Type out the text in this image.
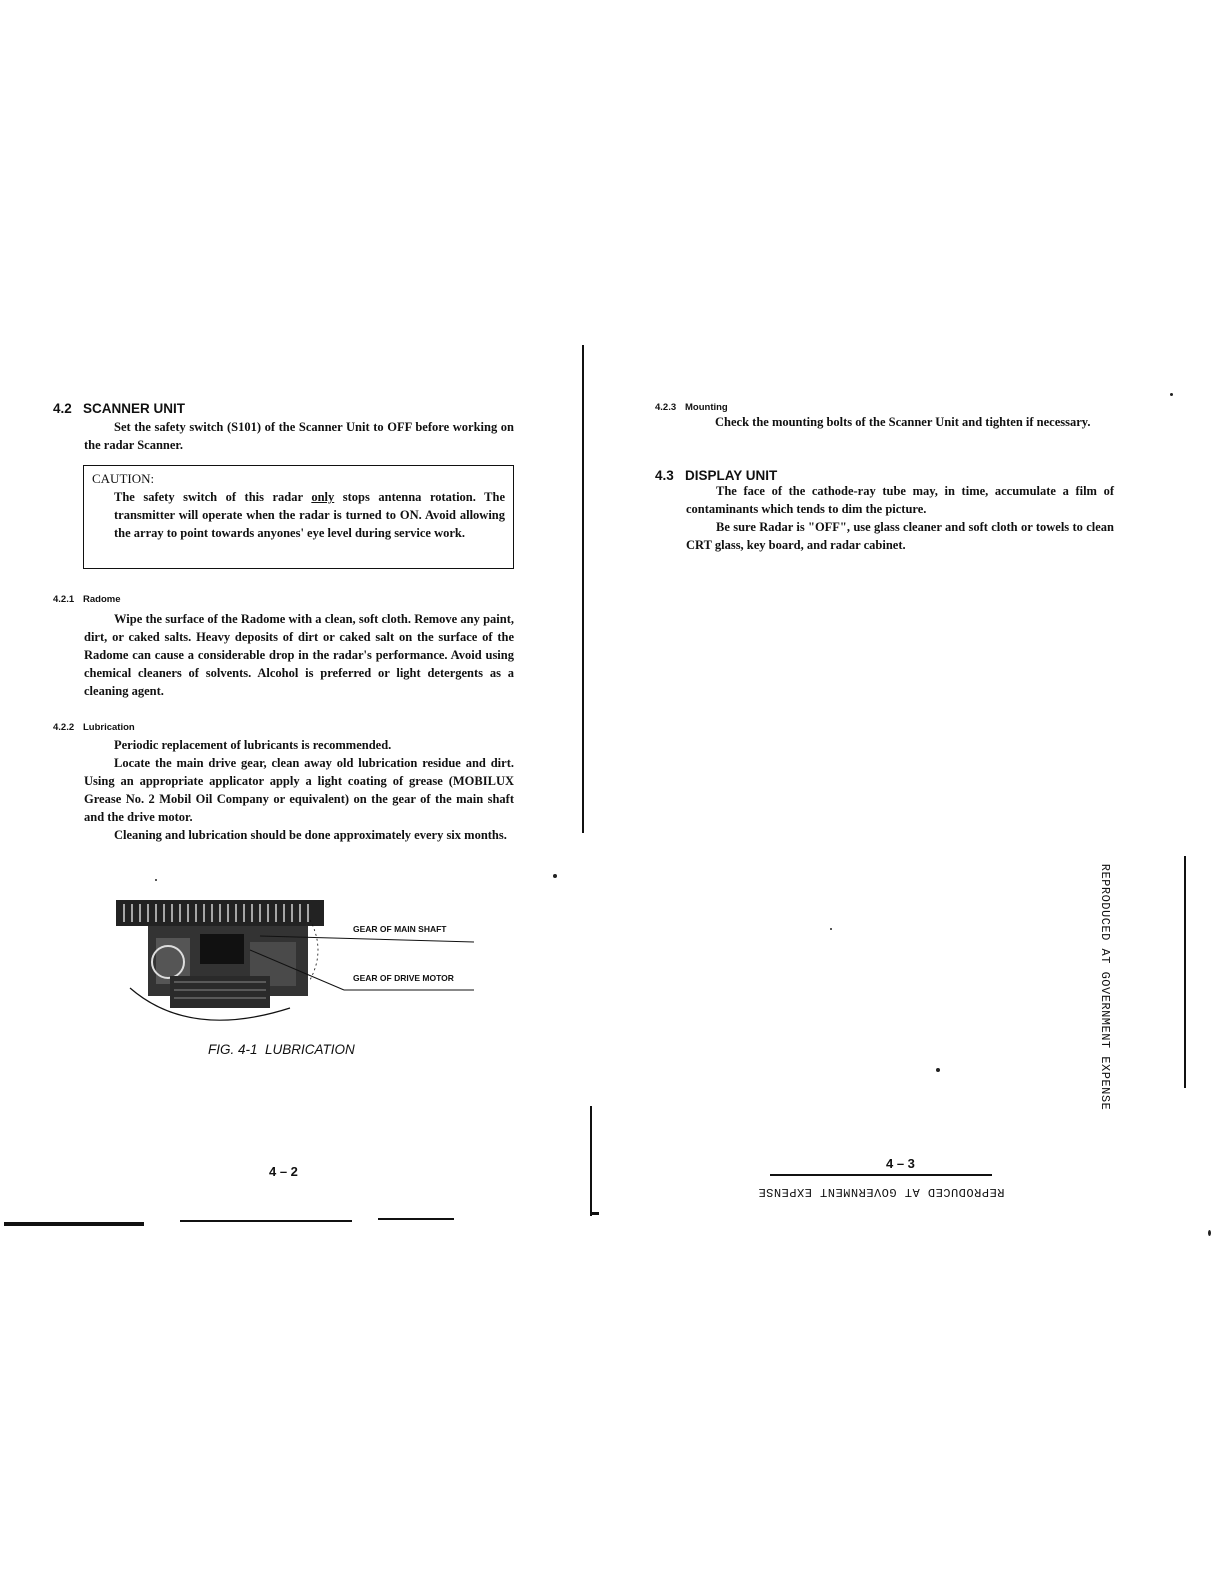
4.2 SCANNER UNIT

Set the safety switch (S101) of the Scanner Unit to OFF before working on the radar Scanner.

CAUTION:
The safety switch of this radar only stops antenna rotation. The transmitter will operate when the radar is turned to ON. Avoid allowing the array to point towards anyones' eye level during service work.
4.2.1 Radome

Wipe the surface of the Radome with a clean, soft cloth. Remove any paint, dirt, or caked salts. Heavy deposits of dirt or caked salt on the surface of the Radome can cause a considerable drop in the radar's performance. Avoid using chemical cleaners of solvents. Alcohol is preferred or light detergents as a cleaning agent.

4.2.2 Lubrication

Periodic replacement of lubricants is recommended.

Locate the main drive gear, clean away old lubrication residue and dirt. Using an appropriate applicator apply a light coating of grease (MOBILUX Grease No. 2 Mobil Oil Company or equivalent) on the gear of the main shaft and the drive motor.

Cleaning and lubrication should be done approximately every six months.

GEAR OF MAIN SHAFT
GEAR OF DRIVE MOTOR
FIG. 4-1  LUBRICATION
4 – 2
4.2.3 Mounting

Check the mounting bolts of the Scanner Unit and tighten if necessary.

4.3 DISPLAY UNIT

The face of the cathode-ray tube may, in time, accumulate a film of contaminants which tends to dim the picture.

Be sure Radar is "OFF", use glass cleaner and soft cloth or towels to clean CRT glass, key board, and radar cabinet.

4 – 3
REPRODUCED AT GOVERNMENT EXPENSE
REPRODUCED AT GOVERNMENT EXPENSE
